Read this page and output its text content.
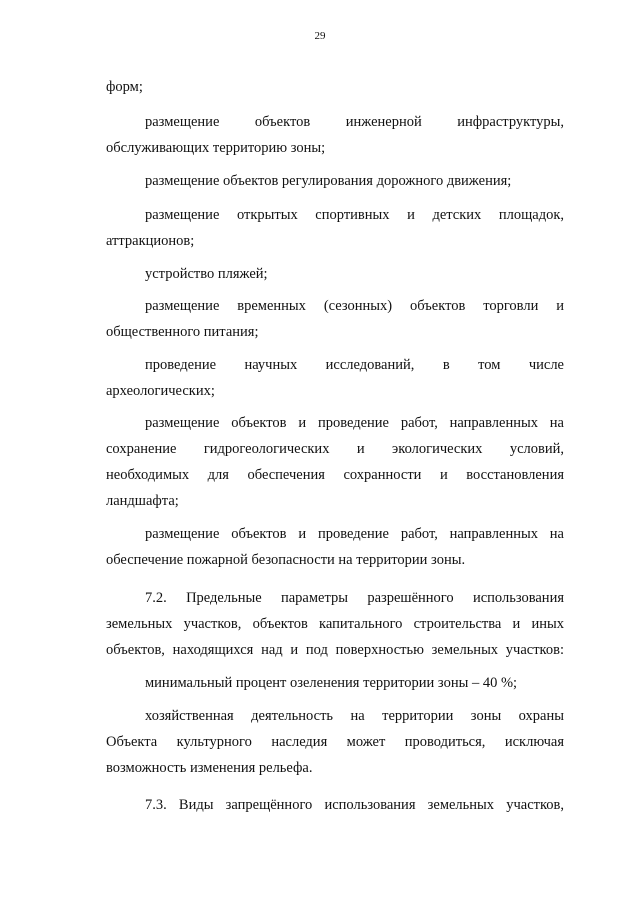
29
форм;
размещение объектов инженерной инфраструктуры,
обслуживающих территорию зоны;
размещение объектов регулирования дорожного движения;
размещение открытых спортивных и детских площадок,
аттракционов;
устройство пляжей;
размещение временных (сезонных) объектов торговли и
общественного питания;
проведение научных исследований, в том числе
археологических;
размещение объектов и проведение работ, направленных на
сохранение гидрогеологических и экологических условий,
необходимых для обеспечения сохранности и восстановления
ландшафта;
размещение объектов и проведение работ, направленных на
обеспечение пожарной безопасности на территории зоны.
7.2. Предельные параметры разрешённого использования
земельных участков, объектов капитального строительства и иных
объектов, находящихся над и под поверхностью земельных участков:
минимальный процент озеленения территории зоны – 40 %;
хозяйственная деятельность на территории зоны охраны
Объекта культурного наследия может проводиться, исключая
возможность изменения рельефа.
7.3. Виды запрещённого использования земельных участков,
